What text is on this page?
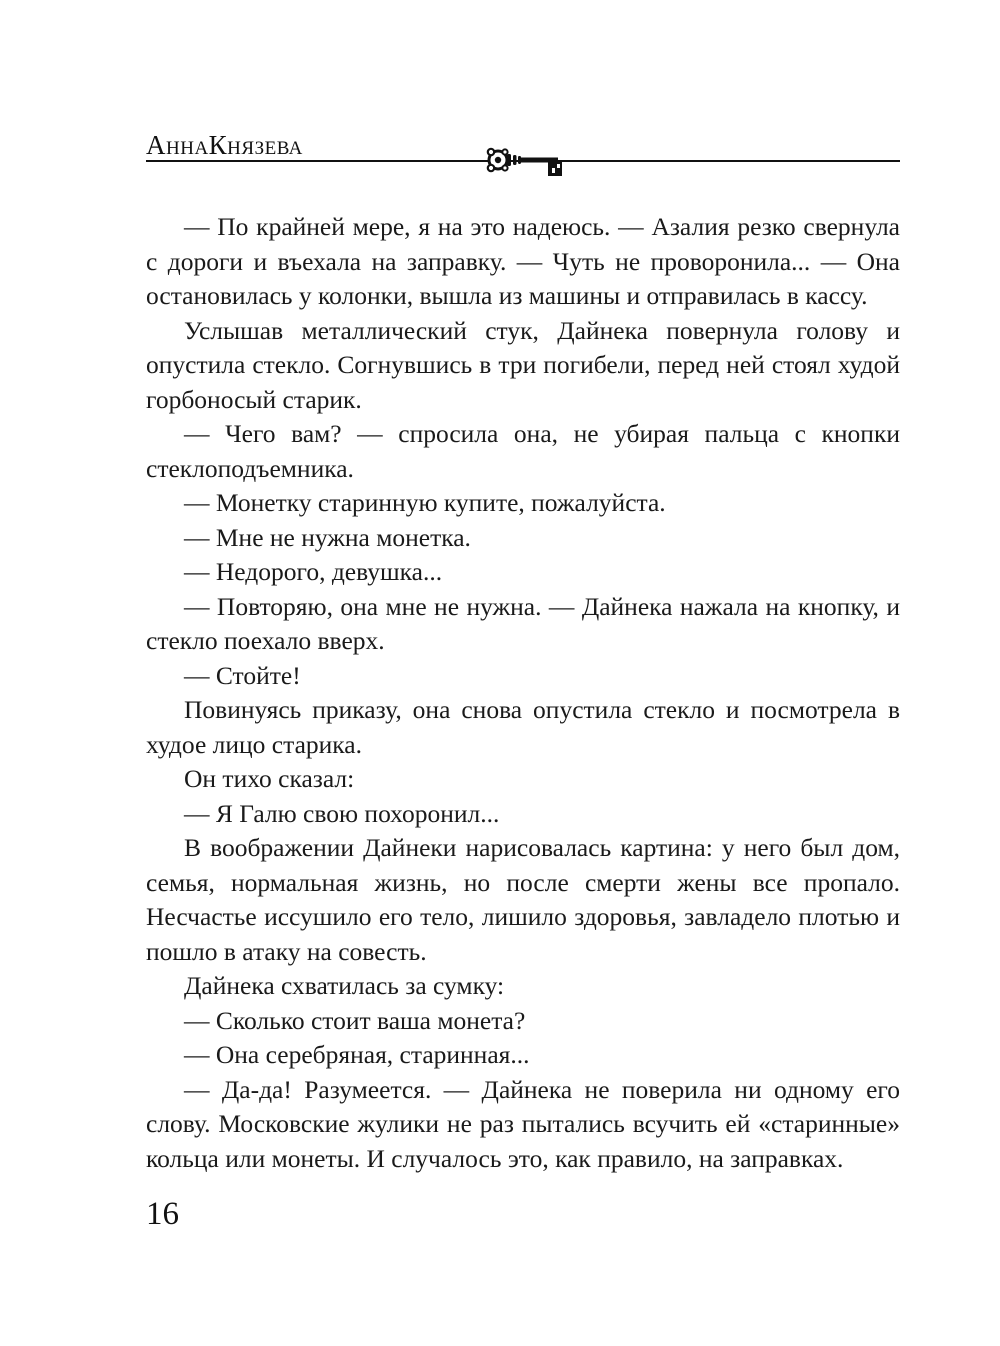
АннаКнязева

— По крайней мере, я на это надеюсь. — Азалия резко свернула с дороги и въехала на заправку. — Чуть не проворонила... — Она остановилась у колонки, вышла из машины и отправилась в кассу.

Услышав металлический стук, Дайнека повернула голову и опустила стекло. Согнувшись в три погибели, перед ней стоял худой горбоносый старик.

— Чего вам? — спросила она, не убирая пальца с кнопки стеклоподъемника.

— Монетку старинную купите, пожалуйста.

— Мне не нужна монетка.

— Недорого, девушка...

— Повторяю, она мне не нужна. — Дайнека нажала на кнопку, и стекло поехало вверх.

— Стойте!

Повинуясь приказу, она снова опустила стекло и посмотрела в худое лицо старика.

Он тихо сказал:

— Я Галю свою похоронил...

В воображении Дайнеки нарисовалась картина: у него был дом, семья, нормальная жизнь, но после смерти жены все пропало. Несчастье иссушило его тело, лишило здоровья, завладело плотью и пошло в атаку на совесть.

Дайнека схватилась за сумку:

— Сколько стоит ваша монета?

— Она серебряная, старинная...

— Да-да! Разумеется. — Дайнека не поверила ни одному его слову. Московские жулики не раз пытались всучить ей «старинные» кольца или монеты. И случалось это, как правило, на заправках.

16
